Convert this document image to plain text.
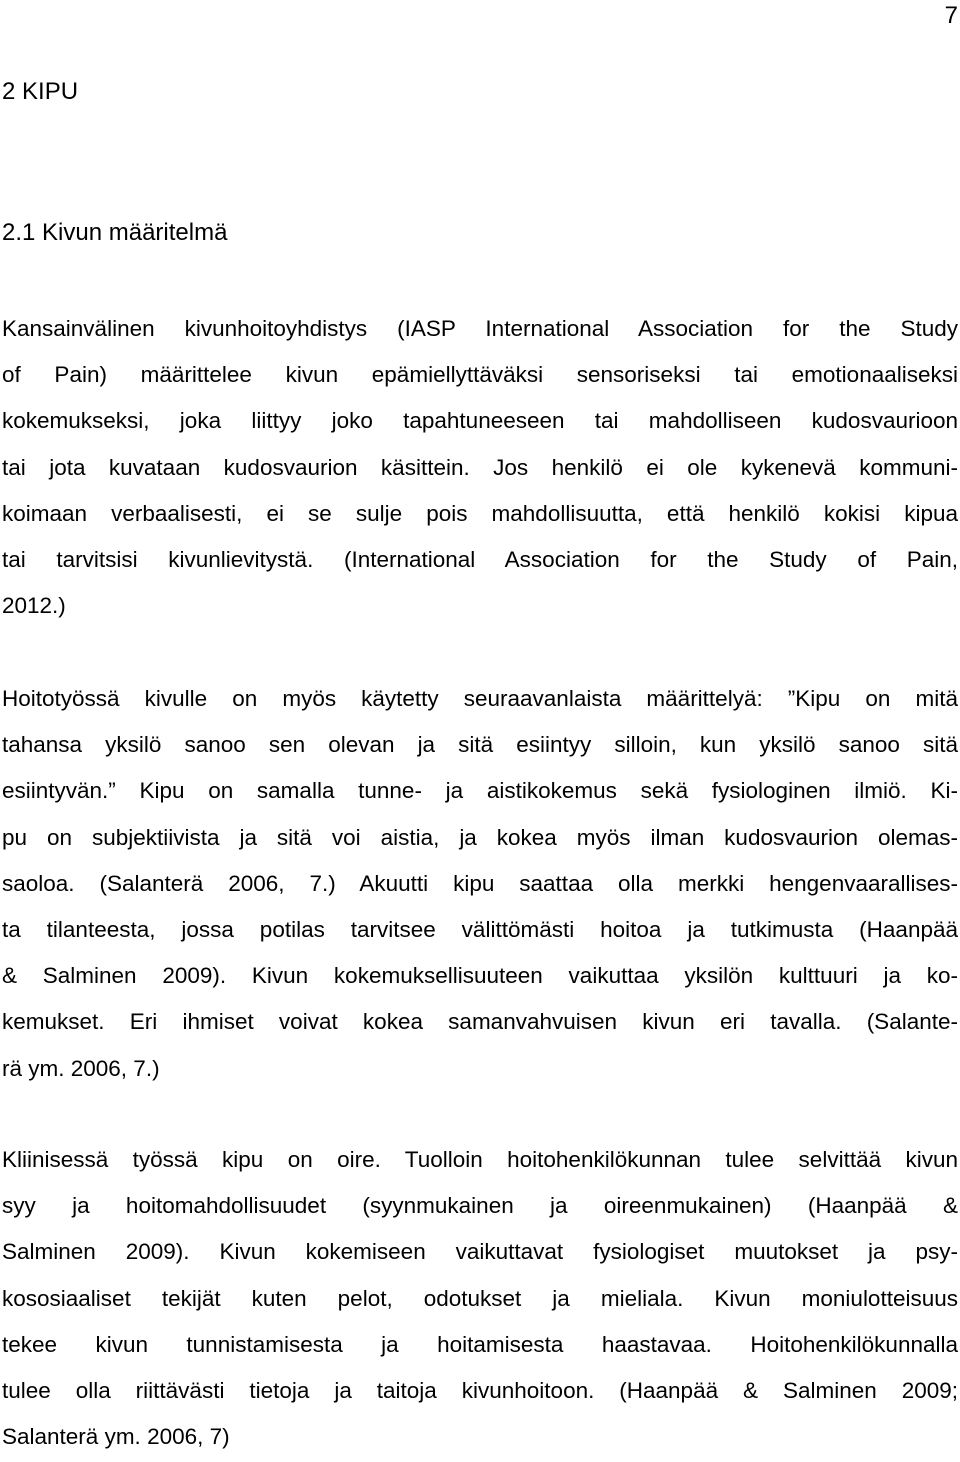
7
2 KIPU
2.1 Kivun määritelmä
Kansainvälinen kivunhoitoyhdistys (IASP International Association for the Study
of Pain) määrittelee kivun epämiellyttäväksi sensoriseksi tai emotionaaliseksi
kokemukseksi, joka liittyy joko tapahtuneeseen tai mahdolliseen kudosvaurioon
tai jota kuvataan kudosvaurion käsittein. Jos henkilö ei ole kykenevä kommuni-
koimaan verbaalisesti, ei se sulje pois mahdollisuutta, että henkilö kokisi kipua
tai tarvitsisi kivunlievitystä. (International Association for the Study of Pain,
2012.)
Hoitotyössä kivulle on myös käytetty seuraavanlaista määrittelyä: ”Kipu on mitä
tahansa yksilö sanoo sen olevan ja sitä esiintyy silloin, kun yksilö sanoo sitä
esiintyvän.” Kipu on samalla tunne- ja aistikokemus sekä fysiologinen ilmiö. Ki-
pu on subjektiivista ja sitä voi aistia, ja kokea myös ilman kudosvaurion olemas-
saoloa. (Salanterä 2006, 7.) Akuutti kipu saattaa olla merkki hengenvaarallises-
ta tilanteesta, jossa potilas tarvitsee välittömästi hoitoa ja tutkimusta (Haanpää
& Salminen 2009). Kivun kokemuksellisuuteen vaikuttaa yksilön kulttuuri ja ko-
kemukset. Eri ihmiset voivat kokea samanvahvuisen kivun eri tavalla. (Salante-
rä ym. 2006, 7.)
Kliinisessä työssä kipu on oire. Tuolloin hoitohenkilökunnan tulee selvittää kivun
syy ja hoitomahdollisuudet (syynmukainen ja oireenmukainen) (Haanpää &
Salminen 2009). Kivun kokemiseen vaikuttavat fysiologiset muutokset ja psy-
kososiaaliset tekijät kuten pelot, odotukset ja mielialа. Kivun moniulotteisuus
tekee kivun tunnistamisesta ja hoitamisesta haastavaa. Hoitohenkilökunnalla
tulee olla riittävästi tietoja ja taitoja kivunhoitoon. (Haanpää & Salminen 2009;
Salanterä ym. 2006, 7)
